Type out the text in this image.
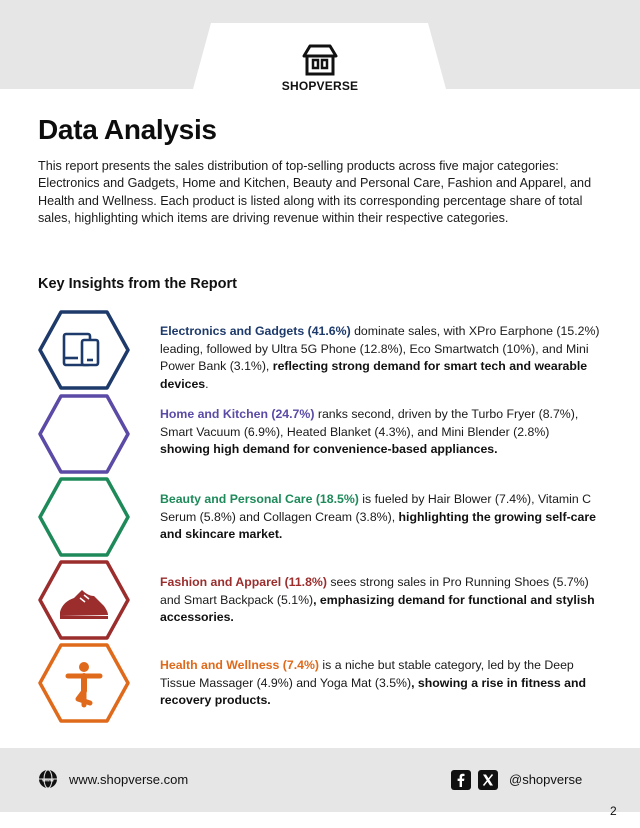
SHOPVERSE
Data Analysis

This report presents the sales distribution of top-selling products across five major categories: Electronics and Gadgets, Home and Kitchen, Beauty and Personal Care, Fashion and Apparel, and Health and Wellness. Each product is listed along with its corresponding percentage share of total sales, highlighting which items are driving revenue within their respective categories.

Key Insights from the Report

Electronics and Gadgets (41.6%) dominate sales, with XPro Earphone (15.2%) leading, followed by Ultra 5G Phone (12.8%), Eco Smartwatch (10%), and Mini Power Bank (3.1%), reflecting strong demand for smart tech and wearable devices.

Home and Kitchen (24.7%) ranks second, driven by the Turbo Fryer (8.7%), Smart Vacuum (6.9%), Heated Blanket (4.3%), and Mini Blender (2.8%) showing high demand for convenience-based appliances.

Beauty and Personal Care (18.5%) is fueled by Hair Blower (7.4%), Vitamin C Serum (5.8%) and Collagen Cream (3.8%), highlighting the growing self-care and skincare market.

Fashion and Apparel (11.8%) sees strong sales in Pro Running Shoes (5.7%) and Smart Backpack (5.1%), emphasizing demand for functional and stylish accessories.

Health and Wellness (7.4%) is a niche but stable category, led by the Deep Tissue Massager (4.9%) and Yoga Mat (3.5%), showing a rise in fitness and recovery products.

www www.shopverse.com	@shopverse
2
